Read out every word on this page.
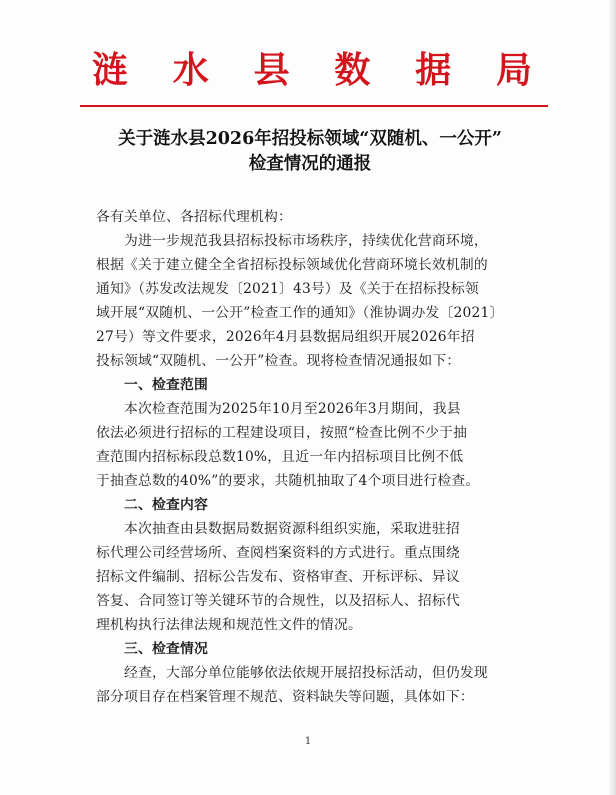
涟 水 县 数 据 局
关于涟水县2026年招投标领域“双随机、一公开”
检查情况的通报
各有关单位、各招标代理机构：
为进一步规范我县招标投标市场秩序，持续优化营商环境，
根据《关于建立健全全省招标投标领域优化营商环境长效机制的
通知》（苏发改法规发〔2021〕43号）及《关于在招标投标领
域开展“双随机、一公开”检查工作的通知》（淮协调办发〔2021〕
27号）等文件要求，2026年4月县数据局组织开展2026年招
投标领域“双随机、一公开”检查。现将检查情况通报如下：
一、检查范围
本次检查范围为2025年10月至2026年3月期间，我县
依法必须进行招标的工程建设项目，按照“检查比例不少于抽
查范围内招标标段总数10%，且近一年内招标项目比例不低
于抽查总数的40%”的要求，共随机抽取了4个项目进行检查。
二、检查内容
本次抽查由县数据局数据资源科组织实施，采取进驻招
标代理公司经营场所、查阅档案资料的方式进行。重点围绕
招标文件编制、招标公告发布、资格审查、开标评标、异议
答复、合同签订等关键环节的合规性，以及招标人、招标代
理机构执行法律法规和规范性文件的情况。
三、检查情况
经查，大部分单位能够依法依规开展招投标活动，但仍发现
部分项目存在档案管理不规范、资料缺失等问题，具体如下：
1
